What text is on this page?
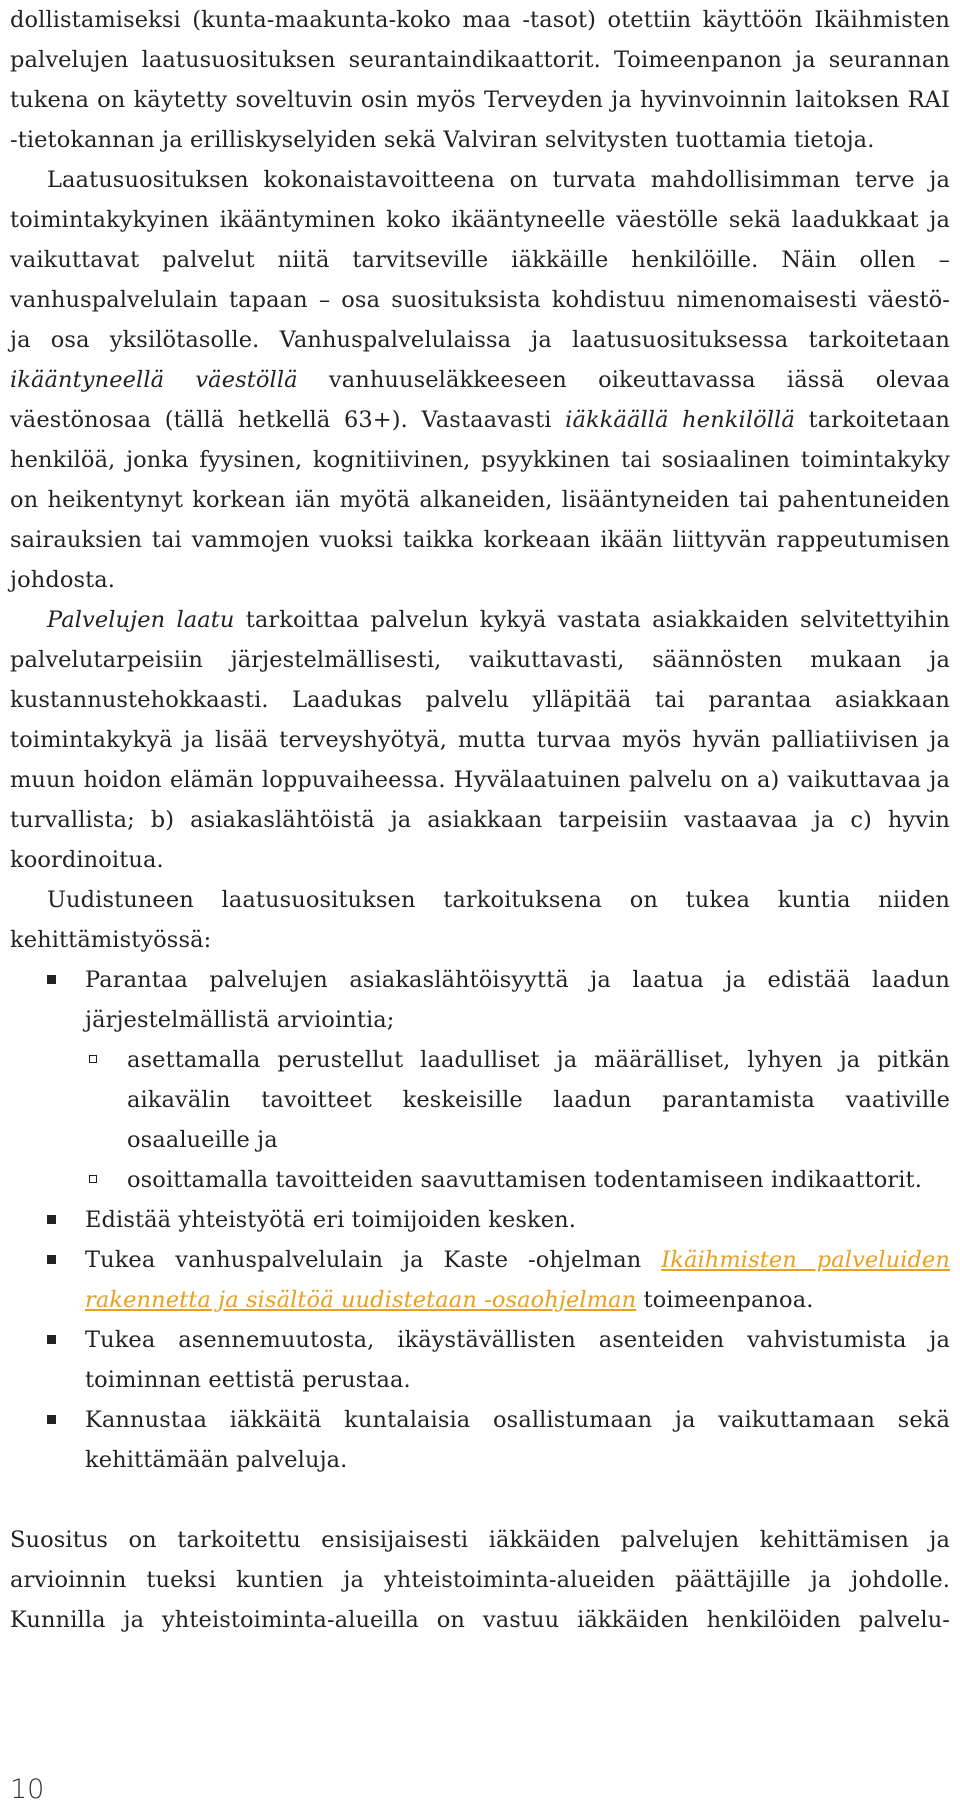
dollistamiseksi (kunta-maakunta-koko maa -tasot) otettiin käyttöön Ikäihmisten palvelujen laatusuosituksen seurantaindikaattorit. Toimeenpanon ja seurannan tukena on käytetty soveltuvin osin myös Terveyden ja hyvinvoinnin laitoksen RAI -tietokannan ja erilliskyselyiden sekä Valviran selvitysten tuottamia tietoja.

Laatusuosituksen kokonaistavoitteena on turvata mahdollisimman terve ja toimintakykyinen ikääntyminen koko ikääntyneelle väestölle sekä laadukkaat ja vaikuttavat palvelut niitä tarvitseville iäkkäille henkilöille. Näin ollen – vanhuspalvelulain tapaan – osa suosituksista kohdistuu nimenomaisesti väestö- ja osa yksilötasolle. Vanhuspalvelulaissa ja laatusuosituksessa tarkoitetaan ikääntyneellä väestöllä vanhuuseläkkeeseen oikeuttavassa iässä olevaa väestönosaa (tällä hetkellä 63+). Vastaavasti iäkkäällä henkilöllä tarkoitetaan henkilöä, jonka fyysinen, kognitiivinen, psyykkinen tai sosiaalinen toimintakyky on heikentynyt korkean iän myötä alkaneiden, lisääntyneiden tai pahentuneiden sairauksien tai vammojen vuoksi taikka korkeaan ikään liittyvän rappeutumisen johdosta.

Palvelujen laatu tarkoittaa palvelun kykyä vastata asiakkaiden selvitettyihin palvelutarpeisiin järjestelmällisesti, vaikuttavasti, säännösten mukaan ja kustannustehokkaasti. Laadukas palvelu ylläpitää tai parantaa asiakkaan toimintakykyä ja lisää terveyshyötyä, mutta turvaa myös hyvän palliatiivisen ja muun hoidon elämän loppuvaiheessa. Hyvälaatuinen palvelu on a) vaikuttavaa ja turvallista; b) asiakaslähtöistä ja asiakkaan tarpeisiin vastaavaa ja c) hyvin koordinoitua.

Uudistuneen laatusuosituksen tarkoituksena on tukea kuntia niiden kehittämistyössä:

Parantaa palvelujen asiakaslähtöisyyttä ja laatua ja edistää laadun järjestelmällistä arviointia;
asettamalla perustellut laadulliset ja määrälliset, lyhyen ja pitkän aikavälin tavoitteet keskeisille laadun parantamista vaativille osaalueille ja
osoittamalla tavoitteiden saavuttamisen todentamiseen indikaattorit.
Edistää yhteistyötä eri toimijoiden kesken.
Tukea vanhuspalvelulain ja Kaste -ohjelman Ikäihmisten palveluiden rakennetta ja sisältöä uudistetaan -osaohjelman toimeenpanoa.
Tukea asennemuutosta, ikäystävällisten asenteiden vahvistumista ja toiminnan eettistä perustaa.
Kannustaa iäkkäitä kuntalaisia osallistumaan ja vaikuttamaan sekä kehittämään palveluja.

Suositus on tarkoitettu ensisijaisesti iäkkäiden palvelujen kehittämisen ja arvioinnin tueksi kuntien ja yhteistoiminta-alueiden päättäjille ja johdolle. Kunnilla ja yhteistoiminta-alueilla on vastuu iäkkäiden henkilöiden palvelu-

10
